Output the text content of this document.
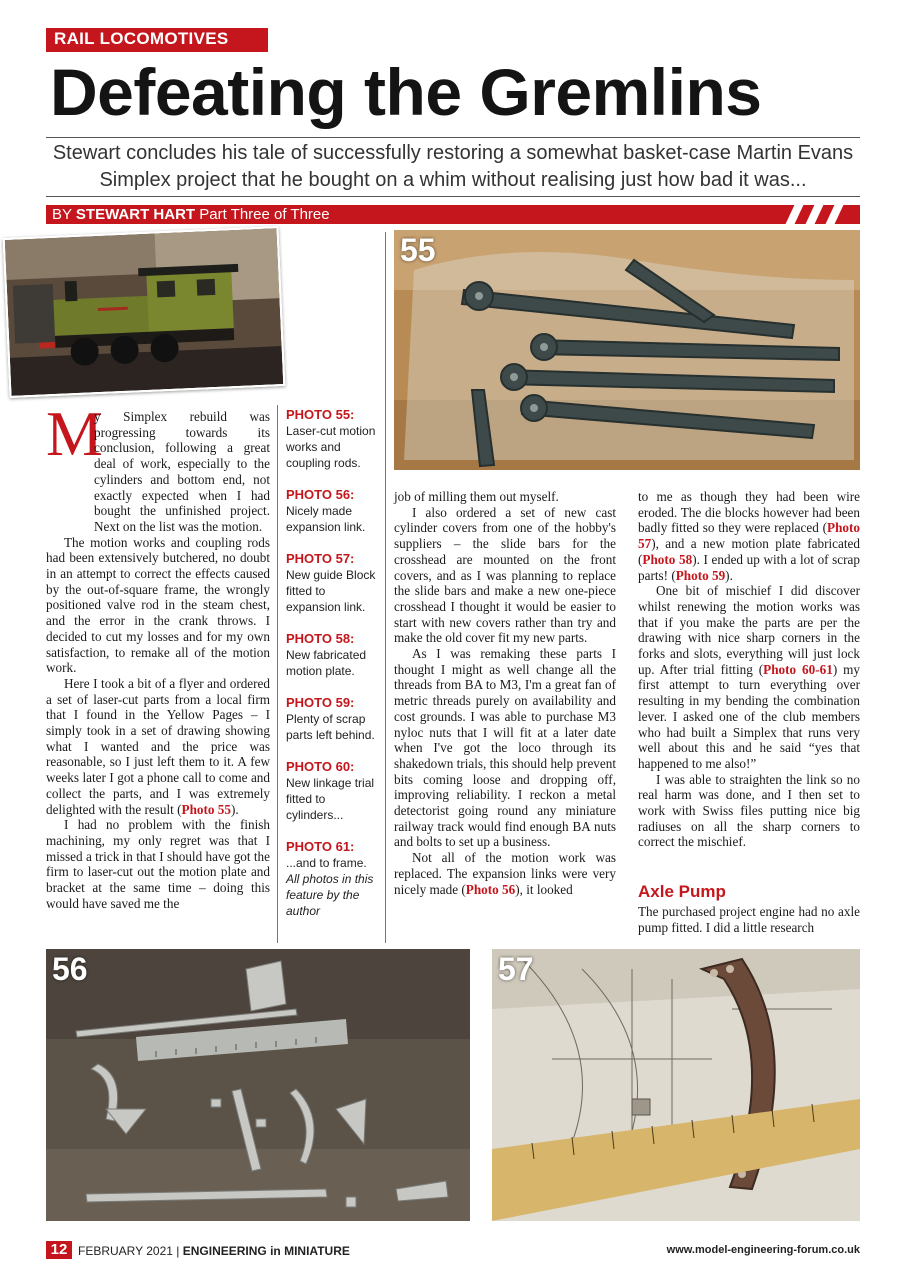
RAIL LOCOMOTIVES
Defeating the Gremlins
Stewart concludes his tale of successfully restoring a somewhat basket-case Martin Evans
Simplex project that he bought on a whim without realising just how bad it was...
BY STEWART HART Part Three of Three
55
M

y Simplex rebuild was progressing towards its conclusion, following a great deal of work, especially to the cylinders and bottom end, not exactly expected when I had bought the unfinished project. Next on the list was the motion.

The motion works and coupling rods had been extensively butchered, no doubt in an attempt to correct the effects caused by the out-of-square frame, the wrongly positioned valve rod in the steam chest, and the error in the crank throws. I decided to cut my losses and for my own satisfaction, to remake all of the motion work.

Here I took a bit of a flyer and ordered a set of laser-cut parts from a local firm that I found in the Yellow Pages – I simply took in a set of drawing showing what I wanted and the price was reasonable, so I just left them to it. A few weeks later I got a phone call to come and collect the parts, and I was extremely delighted with the result (Photo 55).

I had no problem with the finish machining, my only regret was that I missed a trick in that I should have got the firm to laser-cut out the motion plate and bracket at the same time – doing this would have saved me the

PHOTO 55:
Laser-cut motion works and coupling rods.
PHOTO 56:
Nicely made expansion link.
PHOTO 57:
New guide Block fitted to expansion link.
PHOTO 58:
New fabricated motion plate.
PHOTO 59:
Plenty of scrap parts left behind.
PHOTO 60:
New linkage trial fitted to cylinders...
PHOTO 61:
...and to frame.
All photos in this feature by the author

job of milling them out myself.

I also ordered a set of new cast cylinder covers from one of the hobby's suppliers – the slide bars for the crosshead are mounted on the front covers, and as I was planning to replace the slide bars and make a new one-piece crosshead I thought it would be easier to start with new covers rather than try and make the old cover fit my new parts.

As I was remaking these parts I thought I might as well change all the threads from BA to M3, I'm a great fan of metric threads purely on availability and cost grounds. I was able to purchase M3 nyloc nuts that I will fit at a later date when I've got the loco through its shakedown trials, this should help prevent bits coming loose and dropping off, improving reliability. I reckon a metal detectorist going round any miniature railway track would find enough BA nuts and bolts to set up a business.

Not all of the motion work was replaced. The expansion links were very nicely made (Photo 56), it looked

to me as though they had been wire eroded. The die blocks however had been badly fitted so they were replaced (Photo 57), and a new motion plate fabricated (Photo 58). I ended up with a lot of scrap parts! (Photo 59).

One bit of mischief I did discover whilst renewing the motion works was that if you make the parts are per the drawing with nice sharp corners in the forks and slots, everything will just lock up. After trial fitting (Photo 60-61) my first attempt to turn everything over resulting in my bending the combination lever. I asked one of the club members who had built a Simplex that runs very well about this and he said “yes that happened to me also!”

I was able to straighten the link so no real harm was done, and I then set to work with Swiss files putting nice big radiuses on all the sharp corners to correct the mischief.

Axle Pump

The purchased project engine had no axle pump fitted. I did a little research

56	57
12 FEBRUARY 2021 | ENGINEERING in MINIATURE	www.model-engineering-forum.co.uk
